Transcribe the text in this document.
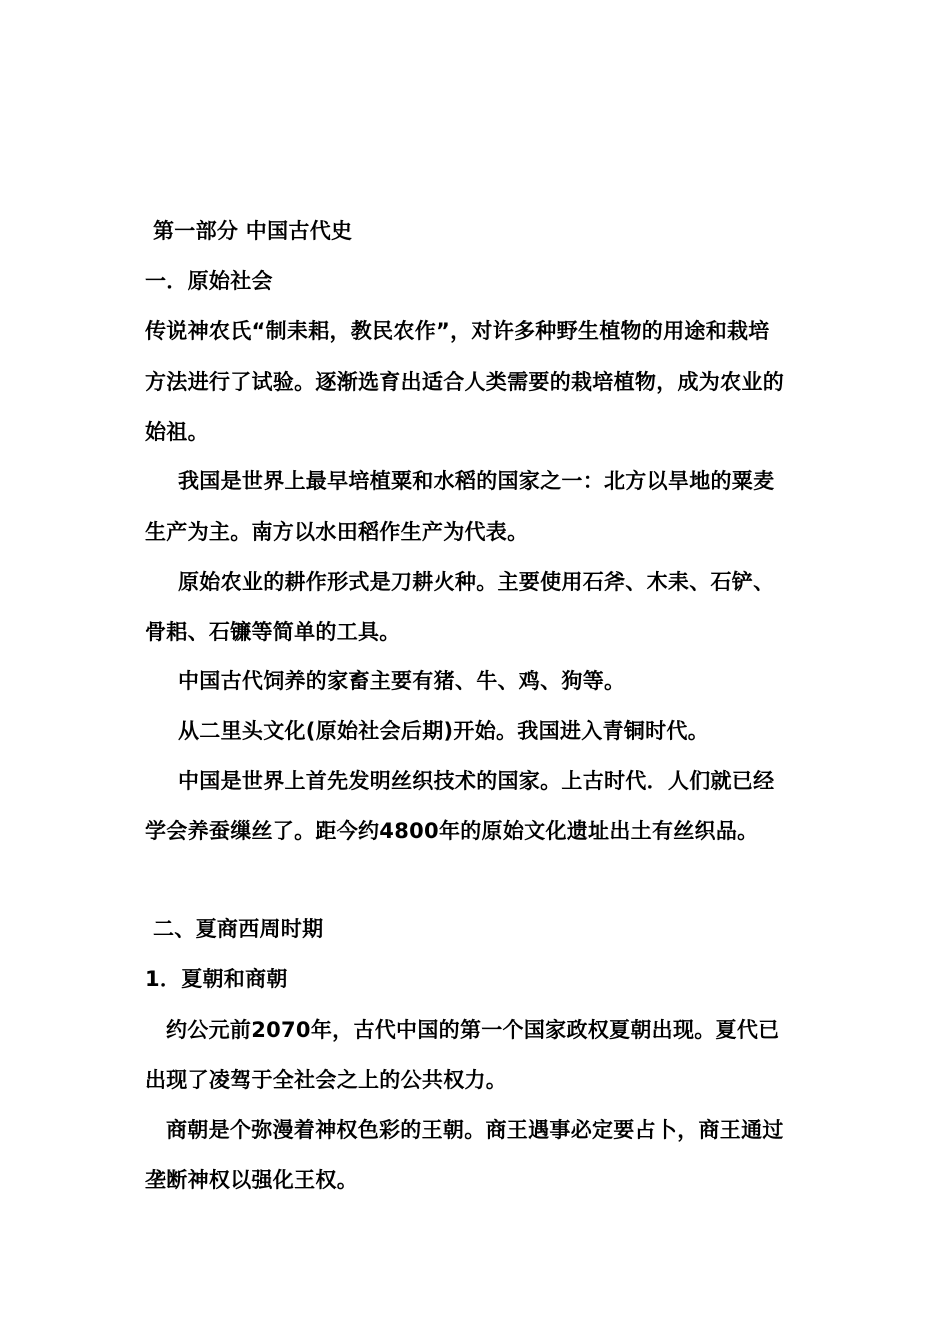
第一部分 中国古代史
一．原始社会
传说神农氏“制耒耜，教民农作”，对许多种野生植物的用途和栽培
方法进行了试验。逐渐选育出适合人类需要的栽培植物，成为农业的
始祖。
我国是世界上最早培植粟和水稻的国家之一：北方以旱地的粟麦
生产为主。南方以水田稻作生产为代表。
原始农业的耕作形式是刀耕火种。主要使用石斧、木耒、石铲、
骨耜、石镰等简单的工具。
中国古代饲养的家畜主要有猪、牛、鸡、狗等。
从二里头文化(原始社会后期)开始。我国进入青铜时代。
中国是世界上首先发明丝织技术的国家。上古时代．人们就已经
学会养蚕缫丝了。距今约4800年的原始文化遗址出土有丝织品。
二、夏商西周时期
1．夏朝和商朝
约公元前2070年，古代中国的第一个国家政权夏朝出现。夏代已
出现了凌驾于全社会之上的公共权力。
商朝是个弥漫着神权色彩的王朝。商王遇事必定要占卜，商王通过
垄断神权以强化王权。
